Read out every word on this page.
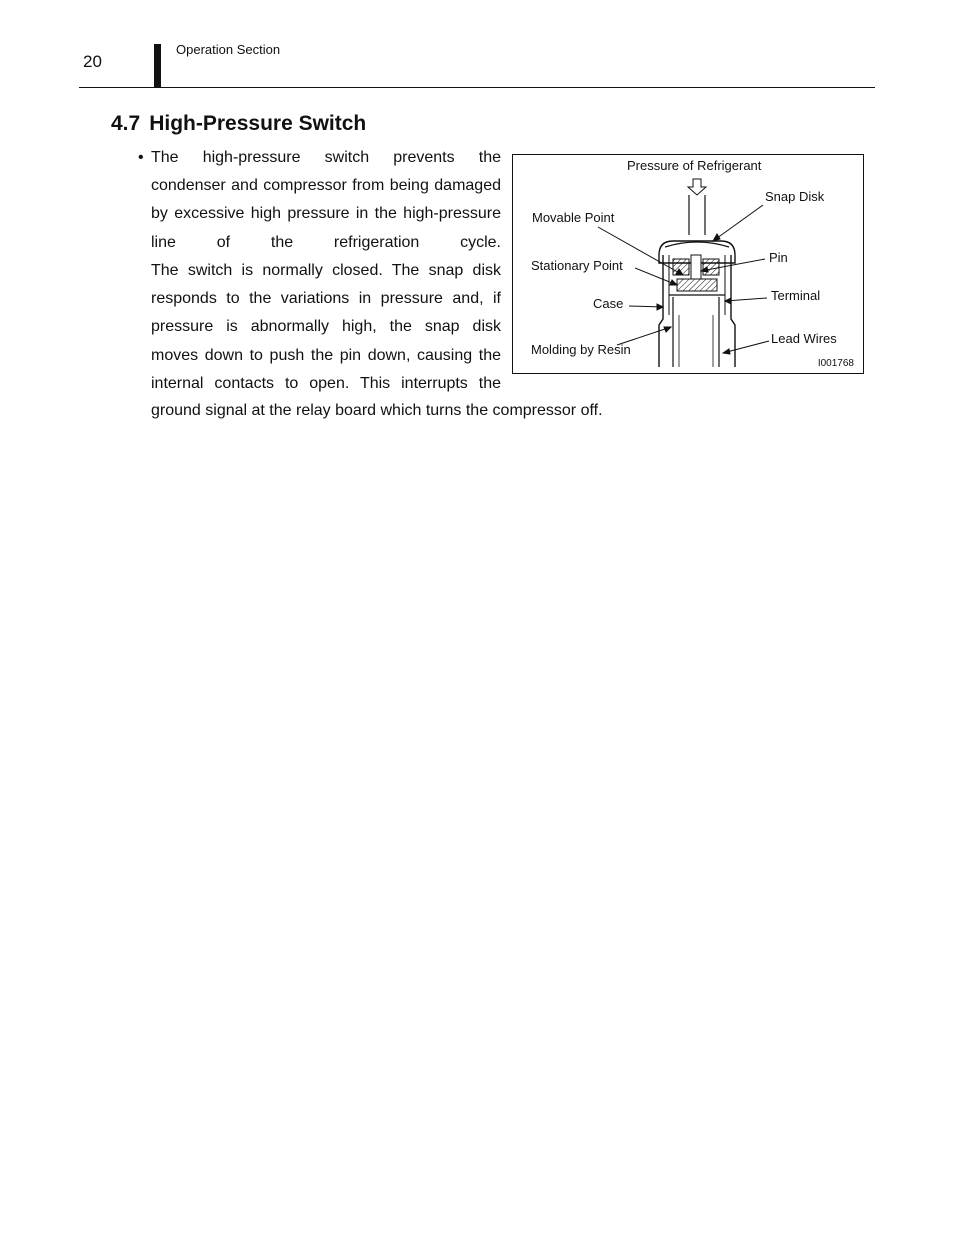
20
Operation Section
4.7 High-Pressure Switch
• The high-pressure switch prevents the condenser and compressor from being damaged by excessive high pressure in the high-pressure line of the refrigeration cycle.

The switch is normally closed. The snap disk responds to the variations in pressure and, if pressure is abnormally high, the snap disk moves down to push the pin down, causing the internal contacts to open. This interrupts the

ground signal at the relay board which turns the compressor off.

Pressure of Refrigerant
Snap Disk
Movable Point
Stationary Point
Pin
Case
Terminal
Molding by Resin
Lead Wires
I001768
